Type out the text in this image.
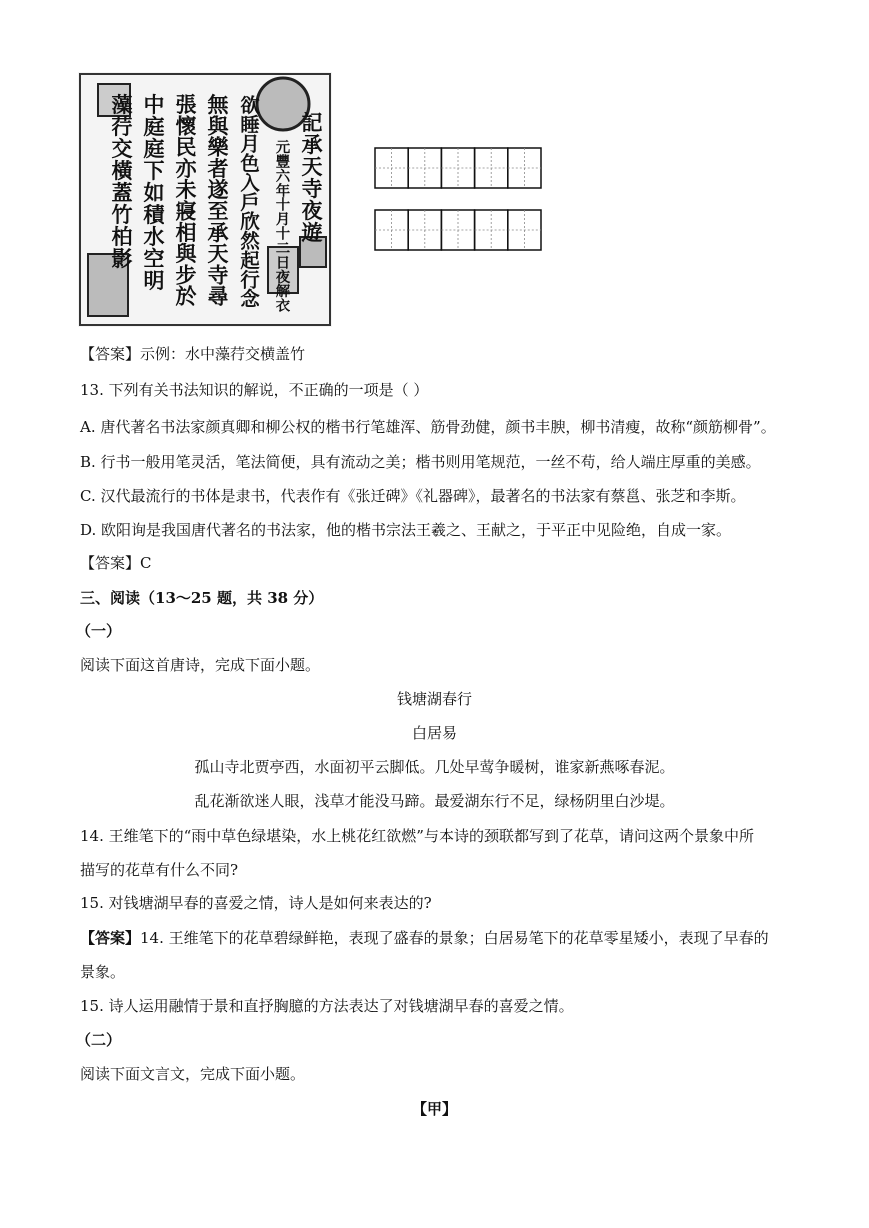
記
承
天
寺
夜
遊
元
豐
六
年
十
月
十
二
日
夜
解
衣
欲
睡
月
色
入
戶
欣
然
起
行
念
無
與
樂
者
遂
至
承
天
寺
尋
張
懷
民
亦
未
寢
相
與
步
於
中
庭
庭
下
如
積
水
空
明
藻
荇
交
橫
蓋
竹
柏
影
【答案】示例：水中藻荇交横盖竹
13. 下列有关书法知识的解说，不正确的一项是（ ）
A. 唐代著名书法家颜真卿和柳公权的楷书行笔雄浑、筋骨劲健，颜书丰腴，柳书清瘦，故称“颜筋柳骨”。
B. 行书一般用笔灵活，笔法简便，具有流动之美；楷书则用笔规范，一丝不苟，给人端庄厚重的美感。
C. 汉代最流行的书体是隶书，代表作有《张迁碑》《礼器碑》，最著名的书法家有蔡邕、张芝和李斯。
D. 欧阳询是我国唐代著名的书法家，他的楷书宗法王羲之、王献之，于平正中见险绝，自成一家。
【答案】C
三、阅读（13～25 题，共 38 分）
（一）
阅读下面这首唐诗，完成下面小题。
钱塘湖春行
白居易
孤山寺北贾亭西，水面初平云脚低。几处早莺争暖树，谁家新燕啄春泥。
乱花渐欲迷人眼，浅草才能没马蹄。最爱湖东行不足，绿杨阴里白沙堤。
14. 王维笔下的“雨中草色绿堪染，水上桃花红欲燃”与本诗的颈联都写到了花草，请问这两个景象中所
描写的花草有什么不同?
15. 对钱塘湖早春的喜爱之情，诗人是如何来表达的?
【答案】14. 王维笔下的花草碧绿鲜艳，表现了盛春的景象；白居易笔下的花草零星矮小，表现了早春的
景象。
15. 诗人运用融情于景和直抒胸臆的方法表达了对钱塘湖早春的喜爱之情。
（二）
阅读下面文言文，完成下面小题。
【甲】
